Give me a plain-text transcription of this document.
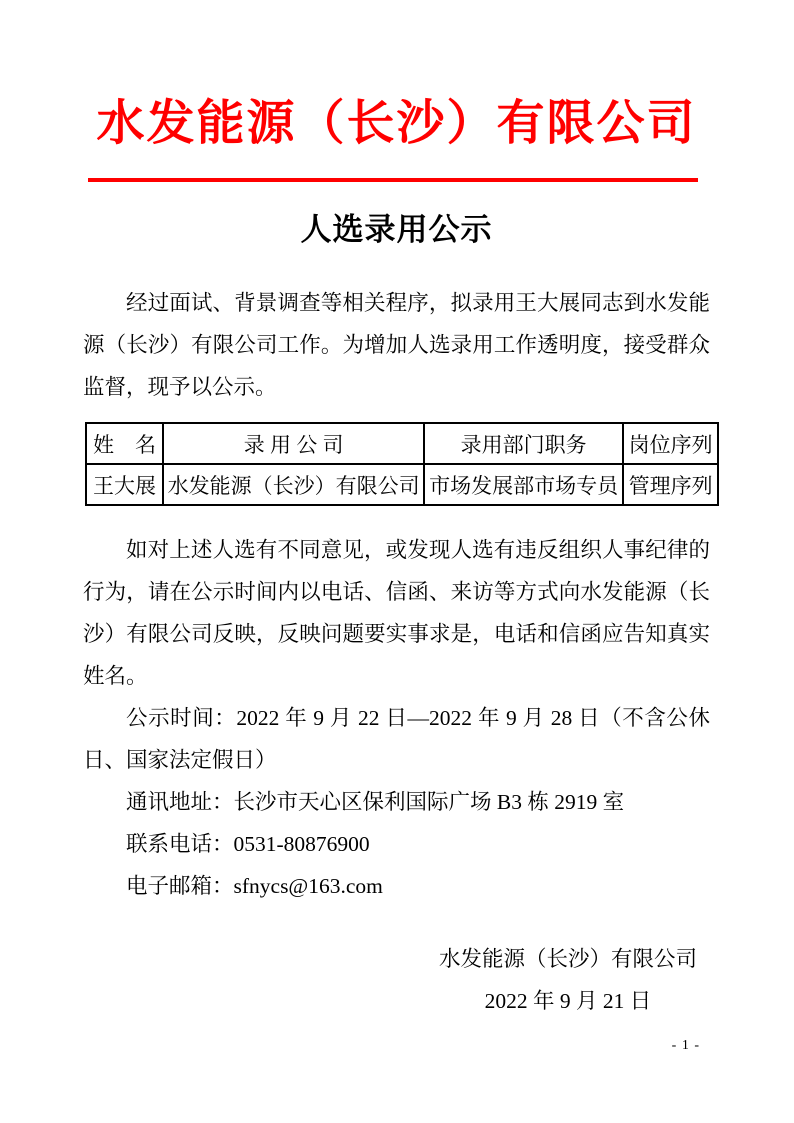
水发能源（长沙）有限公司
人选录用公示

经过面试、背景调查等相关程序，拟录用王大展同志到水发能源（长沙）有限公司工作。为增加人选录用工作透明度，接受群众监督，现予以公示。

姓　名	录 用 公 司	录用部门职务	岗位序列
王大展	水发能源（长沙）有限公司	市场发展部市场专员	管理序列

如对上述人选有不同意见，或发现人选有违反组织人事纪律的行为，请在公示时间内以电话、信函、来访等方式向水发能源（长沙）有限公司反映，反映问题要实事求是，电话和信函应告知真实姓名。

公示时间：2022 年 9 月 22 日—2022 年 9 月 28 日（不含公休日、国家法定假日）

通讯地址：长沙市天心区保利国际广场 B3 栋 2919 室

联系电话：0531-80876900

电子邮箱：sfnycs@163.com

水发能源（长沙）有限公司
2022 年 9 月 21 日
- 1 -
